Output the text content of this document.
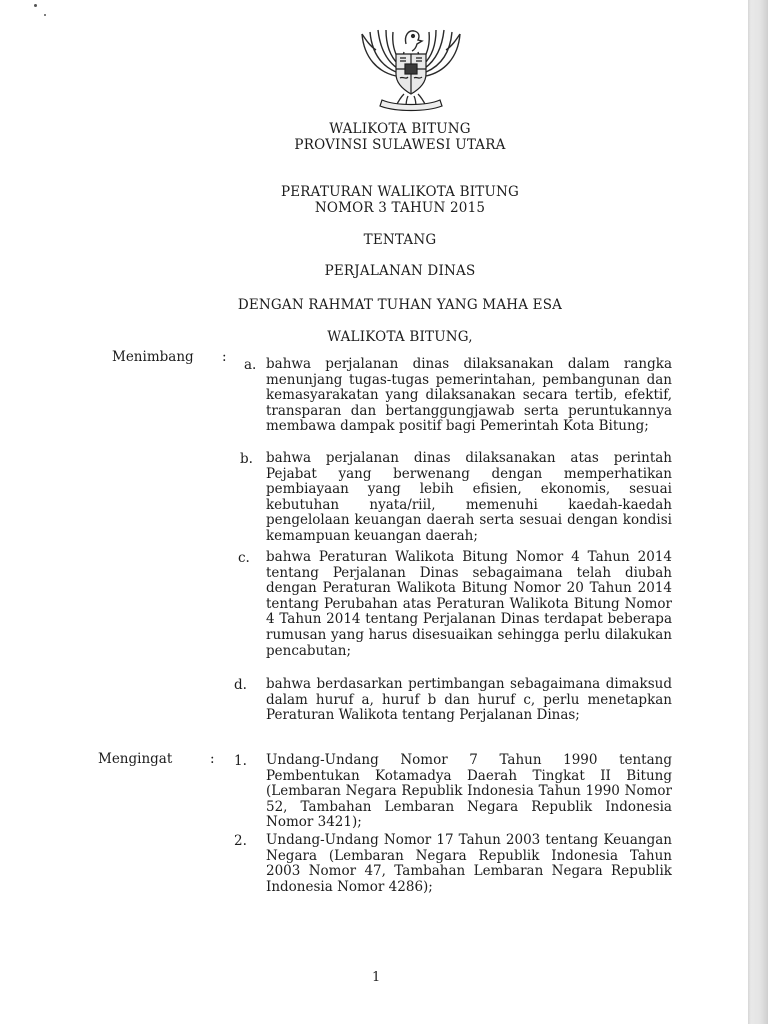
WALIKOTA BITUNG
PROVINSI SULAWESI UTARA
PERATURAN WALIKOTA BITUNG
NOMOR 3 TAHUN 2015
TENTANG
PERJALANAN DINAS
DENGAN RAHMAT TUHAN YANG MAHA ESA
WALIKOTA BITUNG,
Menimbang : a. bahwa perjalanan dinas dilaksanakan dalam rangka menunjang tugas-tugas pemerintahan, pembangunan dan kemasyarakatan yang dilaksanakan secara tertib, efektif, transparan dan bertanggungjawab serta peruntukannya membawa dampak positif bagi Pemerintah Kota Bitung;
b. bahwa perjalanan dinas dilaksanakan atas perintah Pejabat yang berwenang dengan memperhatikan pembiayaan yang lebih efisien, ekonomis, sesuai kebutuhan nyata/riil, memenuhi kaedah-kaedah pengelolaan keuangan daerah serta sesuai dengan kondisi kemampuan keuangan daerah;
c. bahwa Peraturan Walikota Bitung Nomor 4 Tahun 2014 tentang Perjalanan Dinas sebagaimana telah diubah dengan Peraturan Walikota Bitung Nomor 20 Tahun 2014 tentang Perubahan atas Peraturan Walikota Bitung Nomor 4 Tahun 2014 tentang Perjalanan Dinas terdapat beberapa rumusan yang harus disesuaikan sehingga perlu dilakukan pencabutan;
d. bahwa berdasarkan pertimbangan sebagaimana dimaksud dalam huruf a, huruf b dan huruf c, perlu menetapkan Peraturan Walikota tentang Perjalanan Dinas;
Mengingat	: 1. Undang-Undang Nomor 7 Tahun 1990 tentang Pembentukan Kotamadya Daerah Tingkat II Bitung (Lembaran Negara Republik Indonesia Tahun 1990 Nomor 52, Tambahan Lembaran Negara Republik Indonesia Nomor 3421);
2. Undang-Undang Nomor 17 Tahun 2003 tentang Keuangan Negara (Lembaran Negara Republik Indonesia Tahun 2003 Nomor 47, Tambahan Lembaran Negara Republik Indonesia Nomor 4286);
1
